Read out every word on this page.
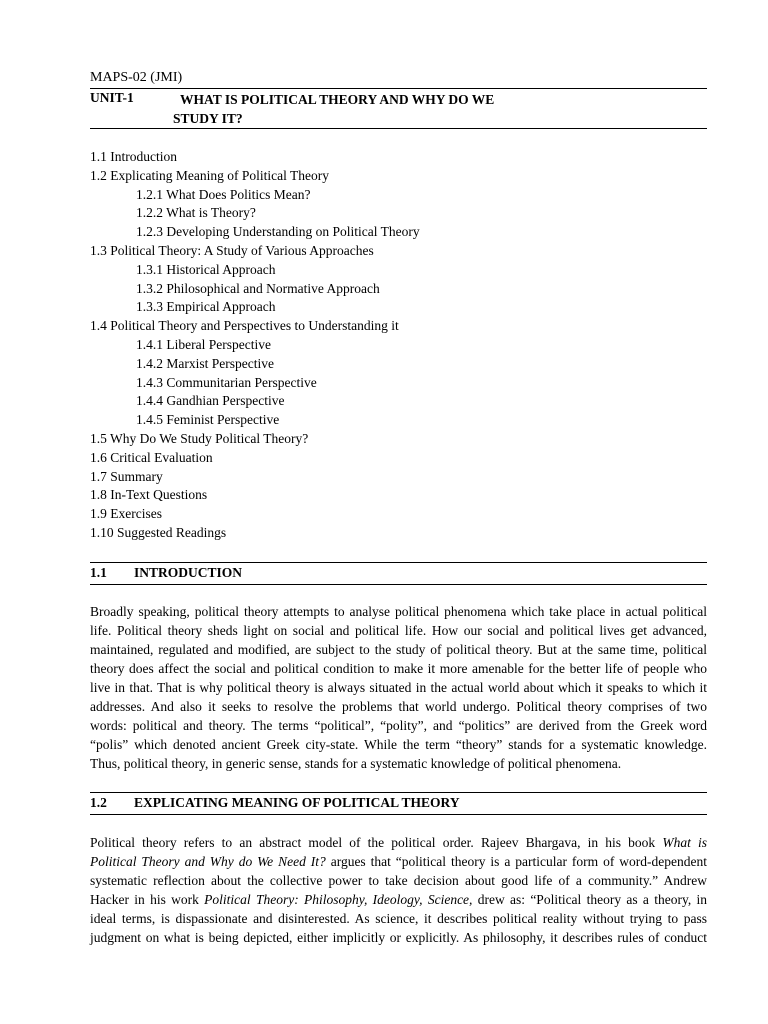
MAPS-02 (JMI)
UNIT-1	WHAT IS POLITICAL THEORY AND WHY DO WE
STUDY IT?
1.1 Introduction
1.2 Explicating Meaning of Political Theory
1.2.1 What Does Politics Mean?
1.2.2 What is Theory?
1.2.3 Developing Understanding on Political Theory
1.3 Political Theory: A Study of Various Approaches
1.3.1 Historical Approach
1.3.2 Philosophical and Normative Approach
1.3.3 Empirical Approach
1.4 Political Theory and Perspectives to Understanding it
1.4.1 Liberal Perspective
1.4.2 Marxist Perspective
1.4.3 Communitarian Perspective
1.4.4 Gandhian Perspective
1.4.5 Feminist Perspective
1.5 Why Do We Study Political Theory?
1.6 Critical Evaluation
1.7 Summary
1.8 In-Text Questions
1.9 Exercises
1.10 Suggested Readings
1.1 INTRODUCTION
Broadly speaking, political theory attempts to analyse political phenomena which take place in actual political
life. Political theory sheds light on social and political life. How our social and political lives get advanced,
maintained, regulated and modified, are subject to the study of political theory. But at the same time, political
theory does affect the social and political condition to make it more amenable for the better life of people who
live in that. That is why political theory is always situated in the actual world about which it speaks to which it
addresses. And also it seeks to resolve the problems that world undergo. Political theory comprises of two
words: political and theory. The terms “political”, “polity”, and “politics” are derived from the Greek word
“polis” which denoted ancient Greek city-state. While the term “theory” stands for a systematic knowledge.
Thus, political theory, in generic sense, stands for a systematic knowledge of political phenomena.
1.2 EXPLICATING MEANING OF POLITICAL THEORY
Political theory refers to an abstract model of the political order. Rajeev Bhargava, in his book What is
Political Theory and Why do We Need It? argues that “political theory is a particular form of word-dependent
systematic reflection about the collective power to take decision about good life of a community.” Andrew
Hacker in his work Political Theory: Philosophy, Ideology, Science, drew as: “Political theory as a theory, in
ideal terms, is dispassionate and disinterested. As science, it describes political reality without trying to pass
judgment on what is being depicted, either implicitly or explicitly. As philosophy, it describes rules of conduct
